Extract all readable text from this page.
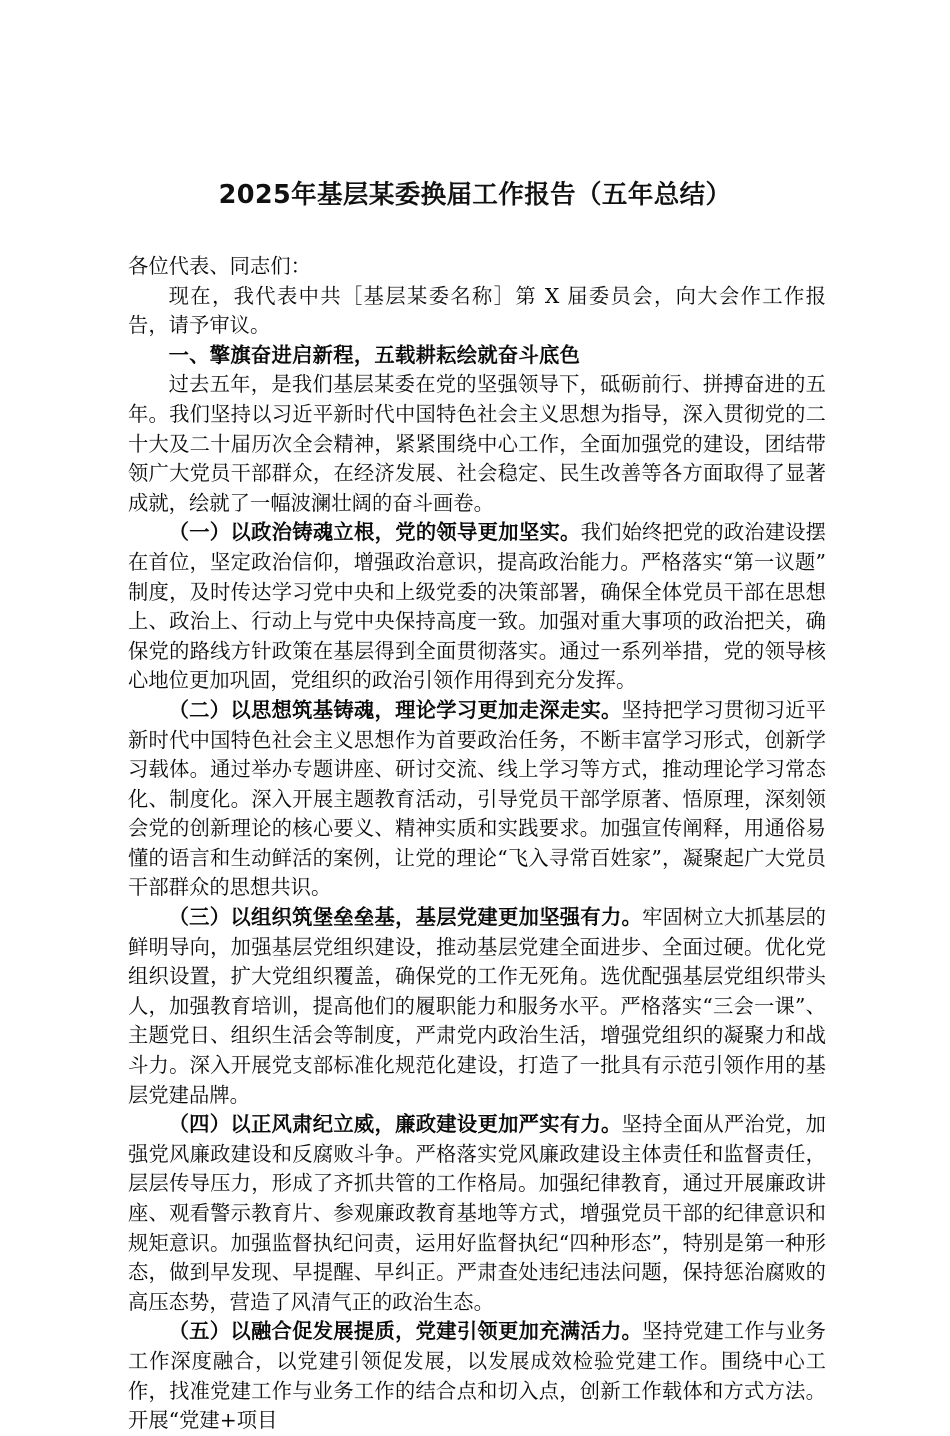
2025年基层某委换届工作报告（五年总结）

各位代表、同志们：

现在，我代表中共［基层某委名称］第 X 届委员会，向大会作工作报告，请予审议。

一、擎旗奋进启新程，五载耕耘绘就奋斗底色

过去五年，是我们基层某委在党的坚强领导下，砥砺前行、拼搏奋进的五年。我们坚持以习近平新时代中国特色社会主义思想为指导，深入贯彻党的二十大及二十届历次全会精神，紧紧围绕中心工作，全面加强党的建设，团结带领广大党员干部群众，在经济发展、社会稳定、民生改善等各方面取得了显著成就，绘就了一幅波澜壮阔的奋斗画卷。

（一）以政治铸魂立根，党的领导更加坚实。我们始终把党的政治建设摆在首位，坚定政治信仰，增强政治意识，提高政治能力。严格落实“第一议题”制度，及时传达学习党中央和上级党委的决策部署，确保全体党员干部在思想上、政治上、行动上与党中央保持高度一致。加强对重大事项的政治把关，确保党的路线方针政策在基层得到全面贯彻落实。通过一系列举措，党的领导核心地位更加巩固，党组织的政治引领作用得到充分发挥。

（二）以思想筑基铸魂，理论学习更加走深走实。坚持把学习贯彻习近平新时代中国特色社会主义思想作为首要政治任务，不断丰富学习形式，创新学习载体。通过举办专题讲座、研讨交流、线上学习等方式，推动理论学习常态化、制度化。深入开展主题教育活动，引导党员干部学原著、悟原理，深刻领会党的创新理论的核心要义、精神实质和实践要求。加强宣传阐释，用通俗易懂的语言和生动鲜活的案例，让党的理论“飞入寻常百姓家”，凝聚起广大党员干部群众的思想共识。

（三）以组织筑堡垒垒基，基层党建更加坚强有力。牢固树立大抓基层的鲜明导向，加强基层党组织建设，推动基层党建全面进步、全面过硬。优化党组织设置，扩大党组织覆盖，确保党的工作无死角。选优配强基层党组织带头人，加强教育培训，提高他们的履职能力和服务水平。严格落实“三会一课”、主题党日、组织生活会等制度，严肃党内政治生活，增强党组织的凝聚力和战斗力。深入开展党支部标准化规范化建设，打造了一批具有示范引领作用的基层党建品牌。

（四）以正风肃纪立威，廉政建设更加严实有力。坚持全面从严治党，加强党风廉政建设和反腐败斗争。严格落实党风廉政建设主体责任和监督责任，层层传导压力，形成了齐抓共管的工作格局。加强纪律教育，通过开展廉政讲座、观看警示教育片、参观廉政教育基地等方式，增强党员干部的纪律意识和规矩意识。加强监督执纪问责，运用好监督执纪“四种形态”，特别是第一种形态，做到早发现、早提醒、早纠正。严肃查处违纪违法问题，保持惩治腐败的高压态势，营造了风清气正的政治生态。

（五）以融合促发展提质，党建引领更加充满活力。坚持党建工作与业务工作深度融合，以党建引领促发展，以发展成效检验党建工作。围绕中心工作，找准党建工作与业务工作的结合点和切入点，创新工作载体和方式方法。开展“党建+项目
